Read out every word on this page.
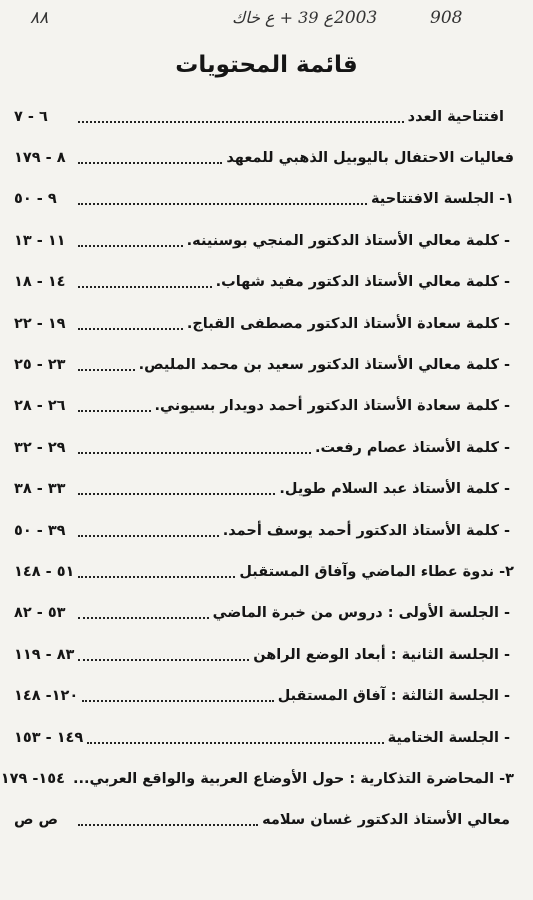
٨٨	ع 39 + ع خاك 2003	908
قائمة المحتويات
افتتاحية العدد
٦ - ٧
فعاليات الاحتفال باليوبيل الذهبي للمعهد
٨ - ١٧٩
١- الجلسة الافتتاحية
٩ - ٥٠
- كلمة معالي الأستاذ الدكتور المنجي بوسنينه.
١١ - ١٣
- كلمة معالي الأستاذ الدكتور مفيد شهاب.
١٤ - ١٨
- كلمة سعادة الأستاذ الدكتور مصطفى القباج.
١٩ - ٢٢
- كلمة معالي الأستاذ الدكتور سعيد بن محمد المليص.
٢٣ - ٢٥
- كلمة سعادة الأستاذ الدكتور أحمد دويدار بسيوني.
٢٦ - ٢٨
- كلمة الأستاذ عصام رفعت.
٢٩ - ٣٢
- كلمة الأستاذ عبد السلام طويل.
٣٣ - ٣٨
- كلمة الأستاذ الدكتور أحمد يوسف أحمد.
٣٩ - ٥٠
٢- ندوة عطاء الماضي وآفاق المستقبل
٥١ - ١٤٨
- الجلسة الأولى : دروس من خبرة الماضي
٥٣ - ٨٢
- الجلسة الثانية : أبعاد الوضع الراهن
٨٣ - ١١٩
- الجلسة الثالثة : آفاق المستقبل
١٢٠- ١٤٨
- الجلسة الختامية
١٤٩ - ١٥٣
٣- المحاضرة التذكارية : حول الأوضاع العربية والواقع العربي...
١٥٤- ١٧٩
معالي الأستاذ الدكتور غسان سلامه
ص ص
